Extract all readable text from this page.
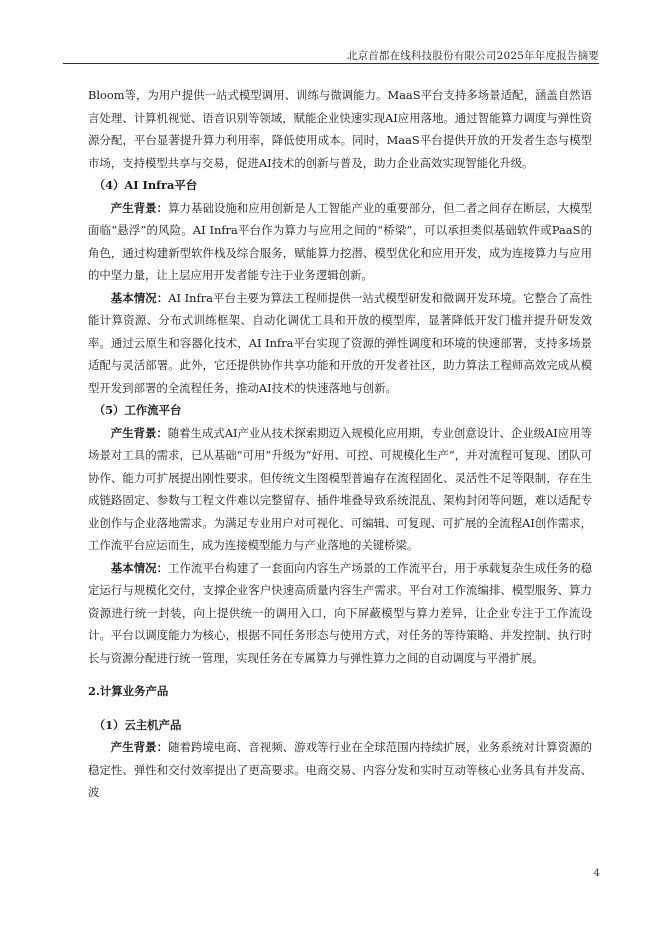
北京首都在线科技股份有限公司2025年年度报告摘要

Bloom等，为用户提供一站式模型调用、训练与微调能力。MaaS平台支持多场景适配，涵盖自然语言处理、计算机视觉、语音识别等领域，赋能企业快速实现AI应用落地。通过智能算力调度与弹性资源分配，平台显著提升算力利用率，降低使用成本。同时，MaaS平台提供开放的开发者生态与模型市场，支持模型共享与交易，促进AI技术的创新与普及，助力企业高效实现智能化升级。

（4）AI Infra平台

产生背景：算力基础设施和应用创新是人工智能产业的重要部分，但二者之间存在断层，大模型面临“悬浮”的风险。AI Infra平台作为算力与应用之间的“桥梁”，可以承担类似基础软件或PaaS的角色，通过构建新型软件栈及综合服务，赋能算力挖潜、模型优化和应用开发，成为连接算力与应用的中坚力量，让上层应用开发者能专注于业务逻辑创新。

基本情况：AI Infra平台主要为算法工程师提供一站式模型研发和微调开发环境。它整合了高性能计算资源、分布式训练框架、自动化调优工具和开放的模型库，显著降低开发门槛并提升研发效率。通过云原生和容器化技术，AI Infra平台实现了资源的弹性调度和环境的快速部署，支持多场景适配与灵活部署。此外，它还提供协作共享功能和开放的开发者社区，助力算法工程师高效完成从模型开发到部署的全流程任务，推动AI技术的快速落地与创新。

（5）工作流平台

产生背景：随着生成式AI产业从技术探索期迈入规模化应用期，专业创意设计、企业级AI应用等场景对工具的需求，已从基础“可用”升级为“好用、可控、可规模化生产”，并对流程可复现、团队可协作、能力可扩展提出刚性要求。但传统文生图模型普遍存在流程固化、灵活性不足等限制，存在生成链路固定、参数与工程文件难以完整留存、插件堆叠导致系统混乱、架构封闭等问题，难以适配专业创作与企业落地需求。为满足专业用户对可视化、可编辑、可复现、可扩展的全流程AI创作需求，工作流平台应运而生，成为连接模型能力与产业落地的关键桥梁。

基本情况：工作流平台构建了一套面向内容生产场景的工作流平台，用于承载复杂生成任务的稳定运行与规模化交付，支撑企业客户快速高质量内容生产需求。平台对工作流编排、模型服务、算力资源进行统一封装，向上提供统一的调用入口，向下屏蔽模型与算力差异，让企业专注于工作流设计。平台以调度能力为核心，根据不同任务形态与使用方式，对任务的等待策略、并发控制、执行时长与资源分配进行统一管理，实现任务在专属算力与弹性算力之间的自动调度与平滑扩展。

2.计算业务产品
（1）云主机产品

产生背景：随着跨境电商、音视频、游戏等行业在全球范围内持续扩展，业务系统对计算资源的稳定性、弹性和交付效率提出了更高要求。电商交易、内容分发和实时互动等核心业务具有并发高、波

4
